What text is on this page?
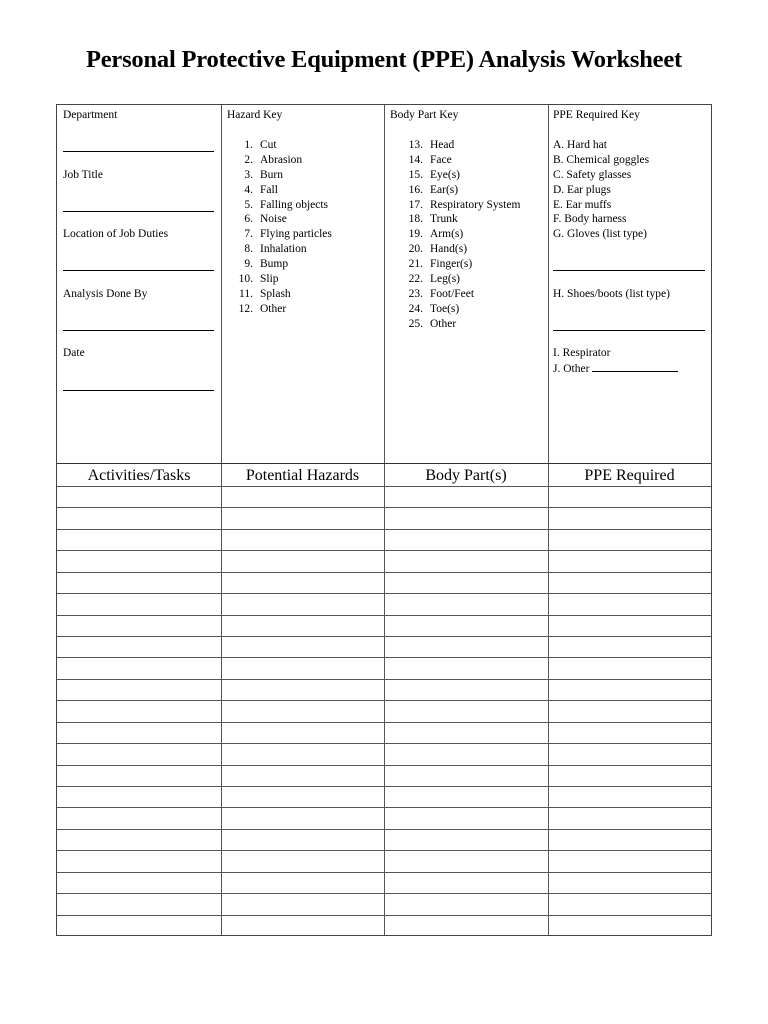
Personal Protective Equipment (PPE) Analysis Worksheet
Department
Job Title
Location of Job Duties
Analysis Done By
Date
Hazard Key
1. Cut
2. Abrasion
3. Burn
4. Fall
5. Falling objects
6. Noise
7. Flying particles
8. Inhalation
9. Bump
10. Slip
11. Splash
12. Other
Body Part Key
13. Head
14. Face
15. Eye(s)
16. Ear(s)
17. Respiratory System
18. Trunk
19. Arm(s)
20. Hand(s)
21. Finger(s)
22. Leg(s)
23. Foot/Feet
24. Toe(s)
25. Other
PPE Required Key
A. Hard hat
B. Chemical goggles
C. Safety glasses
D. Ear plugs
E. Ear muffs
F. Body harness
G. Gloves (list type)
H. Shoes/boots (list type)
I. Respirator
J. Other
Activities/Tasks	Potential Hazards	Body Part(s)	PPE Required
